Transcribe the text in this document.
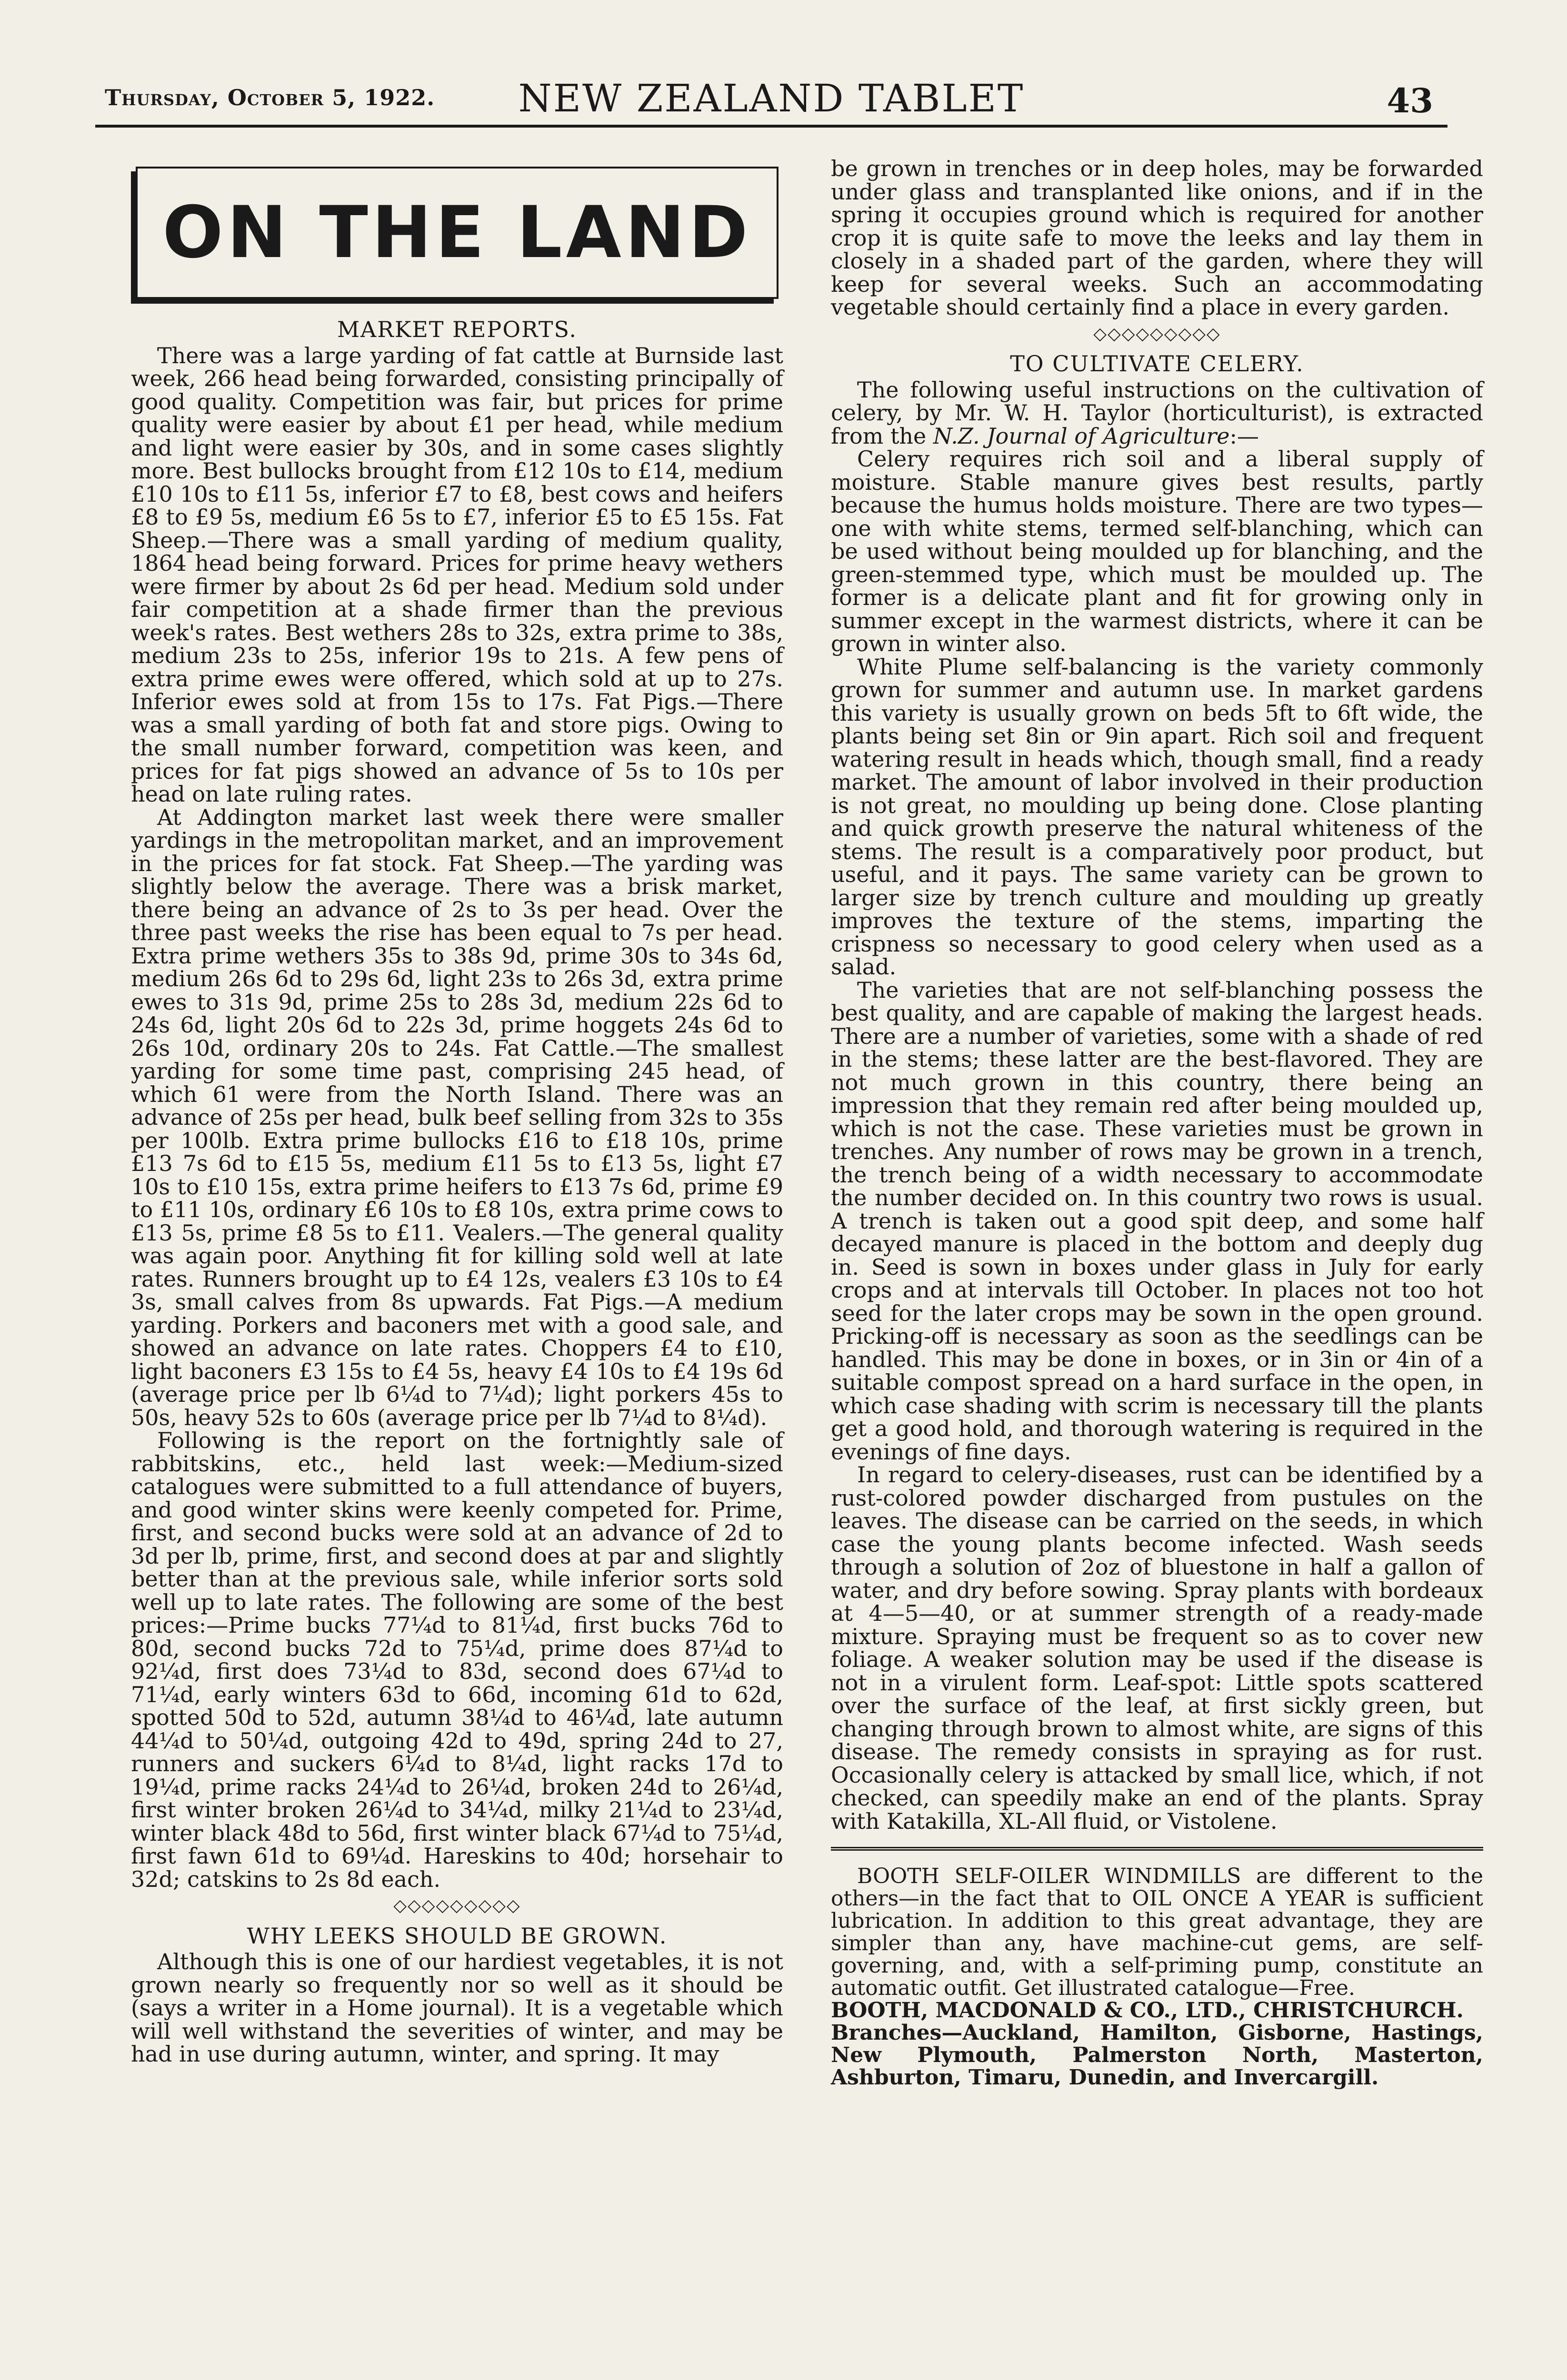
Thursday, October 5, 1922.	NEW ZEALAND TABLET	43
ON THE LAND
MARKET REPORTS.

There was a large yarding of fat cattle at Burnside last week, 266 head being forwarded, consisting principally of good quality. Competition was fair, but prices for prime quality were easier by about £1 per head, while medium and light were easier by 30s, and in some cases slightly more. Best bullocks brought from £12 10s to £14, medium £10 10s to £11 5s, inferior £7 to £8, best cows and heifers £8 to £9 5s, medium £6 5s to £7, inferior £5 to £5 15s. Fat Sheep.—There was a small yarding of medium quality, 1864 head being forward. Prices for prime heavy wethers were firmer by about 2s 6d per head. Medium sold under fair competition at a shade firmer than the previous week's rates. Best wethers 28s to 32s, extra prime to 38s, medium 23s to 25s, inferior 19s to 21s. A few pens of extra prime ewes were offered, which sold at up to 27s. Inferior ewes sold at from 15s to 17s. Fat Pigs.—There was a small yarding of both fat and store pigs. Owing to the small number forward, competition was keen, and prices for fat pigs showed an advance of 5s to 10s per head on late ruling rates.

At Addington market last week there were smaller yardings in the metropolitan market, and an improvement in the prices for fat stock. Fat Sheep.—The yarding was slightly below the average. There was a brisk market, there being an advance of 2s to 3s per head. Over the three past weeks the rise has been equal to 7s per head. Extra prime wethers 35s to 38s 9d, prime 30s to 34s 6d, medium 26s 6d to 29s 6d, light 23s to 26s 3d, extra prime ewes to 31s 9d, prime 25s to 28s 3d, medium 22s 6d to 24s 6d, light 20s 6d to 22s 3d, prime hoggets 24s 6d to 26s 10d, ordinary 20s to 24s. Fat Cattle.—The smallest yarding for some time past, comprising 245 head, of which 61 were from the North Island. There was an advance of 25s per head, bulk beef selling from 32s to 35s per 100lb. Extra prime bullocks £16 to £18 10s, prime £13 7s 6d to £15 5s, medium £11 5s to £13 5s, light £7 10s to £10 15s, extra prime heifers to £13 7s 6d, prime £9 to £11 10s, ordinary £6 10s to £8 10s, extra prime cows to £13 5s, prime £8 5s to £11. Vealers.—The general quality was again poor. Anything fit for killing sold well at late rates. Runners brought up to £4 12s, vealers £3 10s to £4 3s, small calves from 8s upwards. Fat Pigs.—A medium yarding. Porkers and baconers met with a good sale, and showed an advance on late rates. Choppers £4 to £10, light baconers £3 15s to £4 5s, heavy £4 10s to £4 19s 6d (average price per lb 6¼d to 7¼d); light porkers 45s to 50s, heavy 52s to 60s (average price per lb 7¼d to 8¼d).

Following is the report on the fortnightly sale of rabbitskins, etc., held last week:—Medium-sized catalogues were submitted to a full attendance of buyers, and good winter skins were keenly competed for. Prime, first, and second bucks were sold at an advance of 2d to 3d per lb, prime, first, and second does at par and slightly better than at the previous sale, while inferior sorts sold well up to late rates. The following are some of the best prices:—Prime bucks 77¼d to 81¼d, first bucks 76d to 80d, second bucks 72d to 75¼d, prime does 87¼d to 92¼d, first does 73¼d to 83d, second does 67¼d to 71¼d, early winters 63d to 66d, incoming 61d to 62d, spotted 50d to 52d, autumn 38¼d to 46¼d, late autumn 44¼d to 50¼d, outgoing 42d to 49d, spring 24d to 27, runners and suckers 6¼d to 8¼d, light racks 17d to 19¼d, prime racks 24¼d to 26¼d, broken 24d to 26¼d, first winter broken 26¼d to 34¼d, milky 21¼d to 23¼d, winter black 48d to 56d, first winter black 67¼d to 75¼d, first fawn 61d to 69¼d. Hareskins to 40d; horsehair to 32d; catskins to 2s 8d each.

◇◇◇◇◇◇◇◇◇
WHY LEEKS SHOULD BE GROWN.

Although this is one of our hardiest vegetables, it is not grown nearly so frequently nor so well as it should be (says a writer in a Home journal). It is a vegetable which will well withstand the severities of winter, and may be had in use during autumn, winter, and spring. It may

be grown in trenches or in deep holes, may be forwarded under glass and transplanted like onions, and if in the spring it occupies ground which is required for another crop it is quite safe to move the leeks and lay them in closely in a shaded part of the garden, where they will keep for several weeks. Such an accommodating vegetable should certainly find a place in every garden.

◇◇◇◇◇◇◇◇◇
TO CULTIVATE CELERY.

The following useful instructions on the cultivation of celery, by Mr. W. H. Taylor (horticulturist), is extracted from the N.Z. Journal of Agriculture:—

Celery requires rich soil and a liberal supply of moisture. Stable manure gives best results, partly because the humus holds moisture. There are two types—one with white stems, termed self-blanching, which can be used without being moulded up for blanching, and the green-stemmed type, which must be moulded up. The former is a delicate plant and fit for growing only in summer except in the warmest districts, where it can be grown in winter also.

White Plume self-balancing is the variety commonly grown for summer and autumn use. In market gardens this variety is usually grown on beds 5ft to 6ft wide, the plants being set 8in or 9in apart. Rich soil and frequent watering result in heads which, though small, find a ready market. The amount of labor involved in their production is not great, no moulding up being done. Close planting and quick growth preserve the natural whiteness of the stems. The result is a comparatively poor product, but useful, and it pays. The same variety can be grown to larger size by trench culture and moulding up greatly improves the texture of the stems, imparting the crispness so necessary to good celery when used as a salad.

The varieties that are not self-blanching possess the best quality, and are capable of making the largest heads. There are a number of varieties, some with a shade of red in the stems; these latter are the best-flavored. They are not much grown in this country, there being an impression that they remain red after being moulded up, which is not the case. These varieties must be grown in trenches. Any number of rows may be grown in a trench, the trench being of a width necessary to accommodate the number decided on. In this country two rows is usual. A trench is taken out a good spit deep, and some half decayed manure is placed in the bottom and deeply dug in. Seed is sown in boxes under glass in July for early crops and at intervals till October. In places not too hot seed for the later crops may be sown in the open ground. Pricking-off is necessary as soon as the seedlings can be handled. This may be done in boxes, or in 3in or 4in of a suitable compost spread on a hard surface in the open, in which case shading with scrim is necessary till the plants get a good hold, and thorough watering is required in the evenings of fine days.

In regard to celery-diseases, rust can be identified by a rust-colored powder discharged from pustules on the leaves. The disease can be carried on the seeds, in which case the young plants become infected. Wash seeds through a solution of 2oz of bluestone in half a gallon of water, and dry before sowing. Spray plants with bordeaux at 4—5—40, or at summer strength of a ready-made mixture. Spraying must be frequent so as to cover new foliage. A weaker solution may be used if the disease is not in a virulent form. Leaf-spot: Little spots scattered over the surface of the leaf, at first sickly green, but changing through brown to almost white, are signs of this disease. The remedy consists in spraying as for rust. Occasionally celery is attacked by small lice, which, if not checked, can speedily make an end of the plants. Spray with Katakilla, XL-All fluid, or Vistolene.

BOOTH SELF-OILER WINDMILLS are different to the others—in the fact that to OIL ONCE A YEAR is sufficient lubrication. In addition to this great advantage, they are simpler than any, have machine-cut gems, are self-governing, and, with a self-priming pump, constitute an automatic outfit. Get illustrated catalogue—Free.

BOOTH, MACDONALD & CO., LTD., CHRISTCHURCH.

Branches—Auckland, Hamilton, Gisborne, Hastings, New Plymouth, Palmerston North, Masterton, Ashburton, Timaru, Dunedin, and Invercargill.
